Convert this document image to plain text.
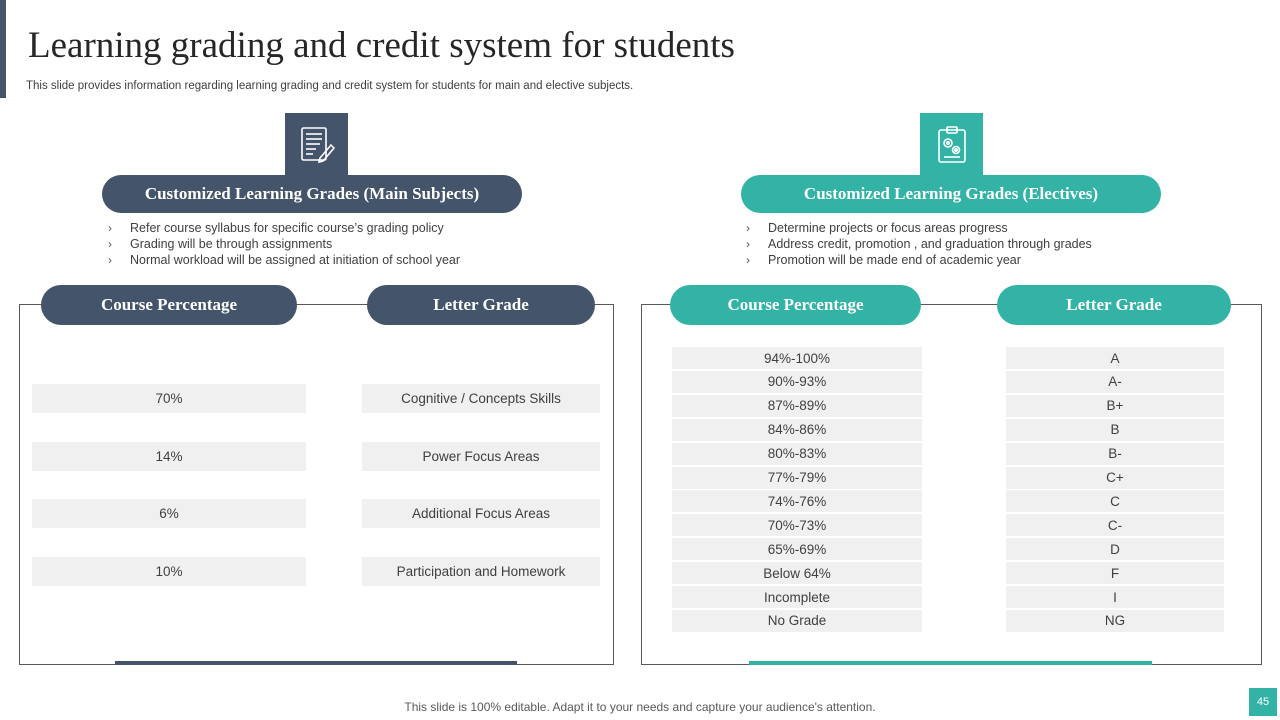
Learning grading and credit system for students
This slide provides information regarding learning grading and credit system for students for main and elective subjects.
Customized Learning Grades (Main Subjects)	Customized Learning Grades (Electives)
›	Refer course syllabus for specific course’s grading policy
›	Grading will be through assignments
›	Normal workload will be assigned at initiation of school year
›	Determine projects or focus areas progress
›	Address credit, promotion , and graduation through grades
›	Promotion will be made end of academic year
Course Percentage	Letter Grade	Course Percentage	Letter Grade
70%	Cognitive / Concepts Skills
14%	Power Focus Areas
6%	Additional Focus Areas
10%	Participation and Homework
94%-100%	A
90%-93%	A-
87%-89%	B+
84%-86%	B
80%-83%	B-
77%-79%	C+
74%-76%	C
70%-73%	C-
65%-69%	D
Below 64%	F
Incomplete	I
No Grade	NG
This slide is 100% editable. Adapt it to your needs and capture your audience's attention.	45
